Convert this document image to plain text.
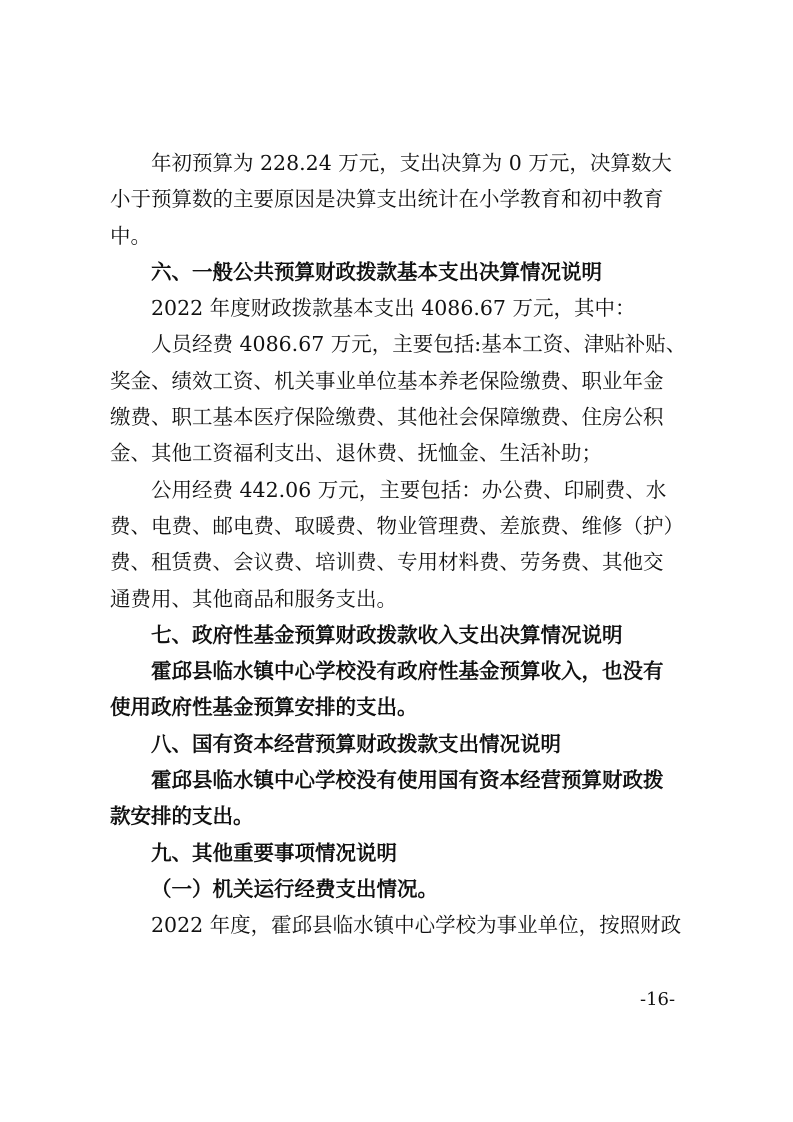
年初预算为 228.24 万元，支出决算为 0 万元，决算数大
小于预算数的主要原因是决算支出统计在小学教育和初中教育
中。
六、一般公共预算财政拨款基本支出决算情况说明
2022 年度财政拨款基本支出 4086.67 万元，其中：
人员经费 4086.67 万元，主要包括:基本工资、津贴补贴、
奖金、绩效工资、机关事业单位基本养老保险缴费、职业年金
缴费、职工基本医疗保险缴费、其他社会保障缴费、住房公积
金、其他工资福利支出、退休费、抚恤金、生活补助；
公用经费 442.06 万元，主要包括：办公费、印刷费、水
费、电费、邮电费、取暖费、物业管理费、差旅费、维修（护）
费、租赁费、会议费、培训费、专用材料费、劳务费、其他交
通费用、其他商品和服务支出。
七、政府性基金预算财政拨款收入支出决算情况说明
霍邱县临水镇中心学校没有政府性基金预算收入，也没有
使用政府性基金预算安排的支出。
八、国有资本经营预算财政拨款支出情况说明
霍邱县临水镇中心学校没有使用国有资本经营预算财政拨
款安排的支出。
九、其他重要事项情况说明
（一）机关运行经费支出情况。
2022 年度，霍邱县临水镇中心学校为事业单位，按照财政
-16-
